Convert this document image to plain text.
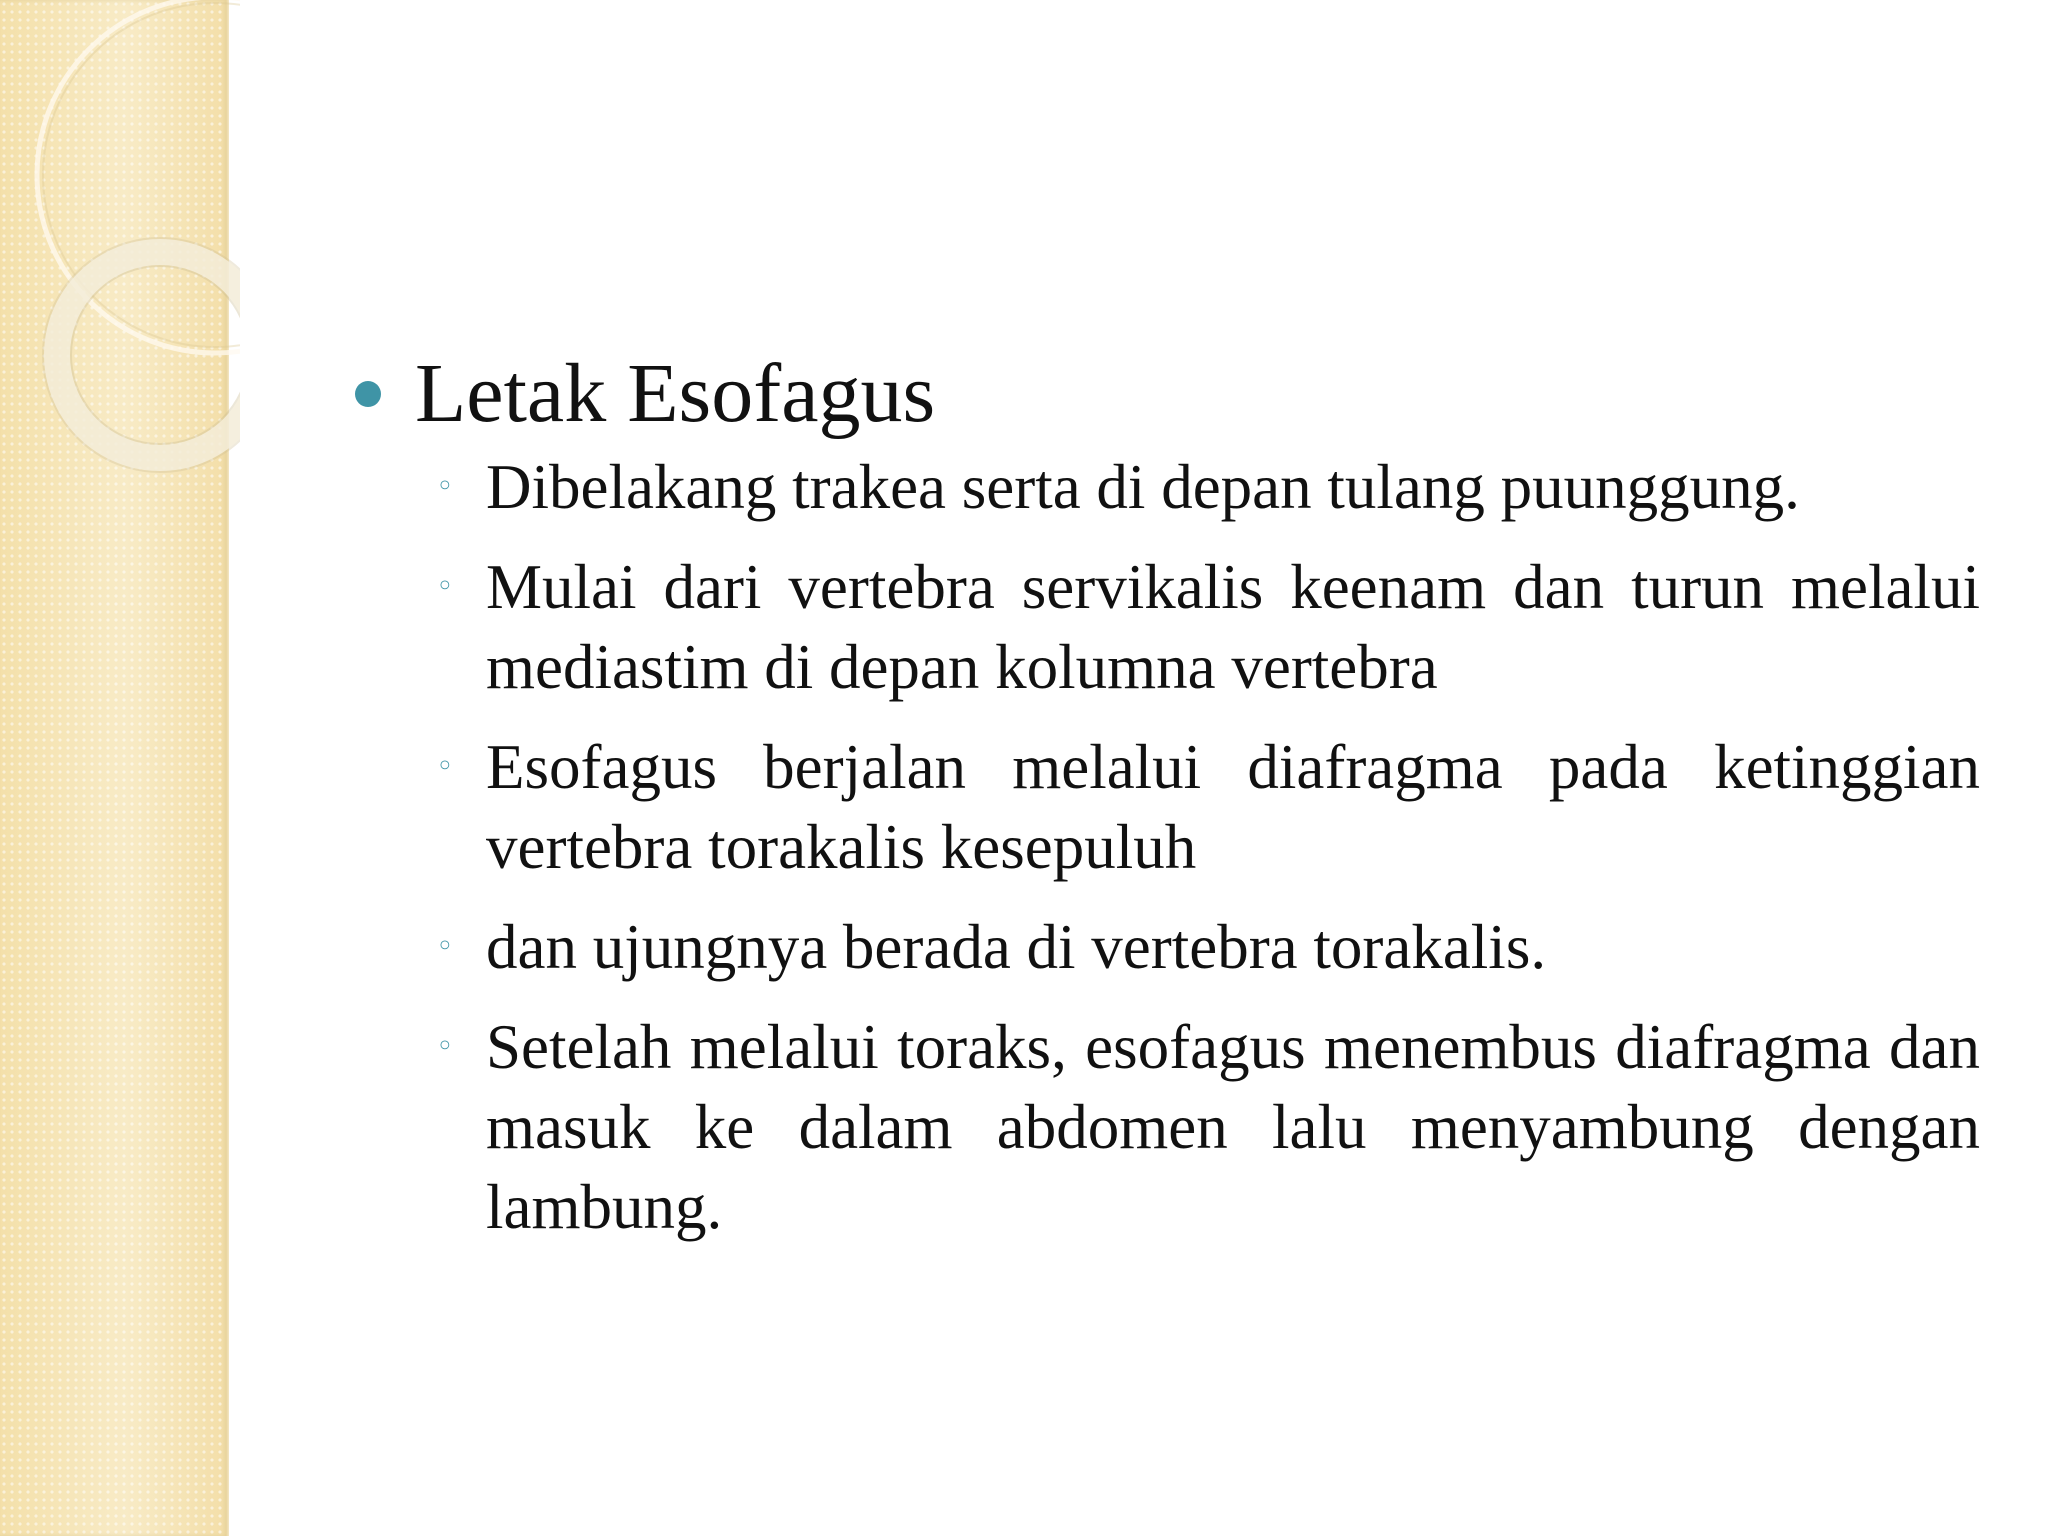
Letak Esofagus
◦ Dibelakang trakea serta di depan tulang puunggung.
◦ Mulai dari vertebra servikalis keenam dan turun melalui mediastim di depan kolumna vertebra
◦ Esofagus berjalan melalui diafragma pada ketinggian vertebra torakalis kesepuluh
◦ dan ujungnya berada di vertebra torakalis.
◦ Setelah melalui toraks, esofagus menembus diafragma dan masuk ke dalam abdomen lalu menyambung dengan lambung.
